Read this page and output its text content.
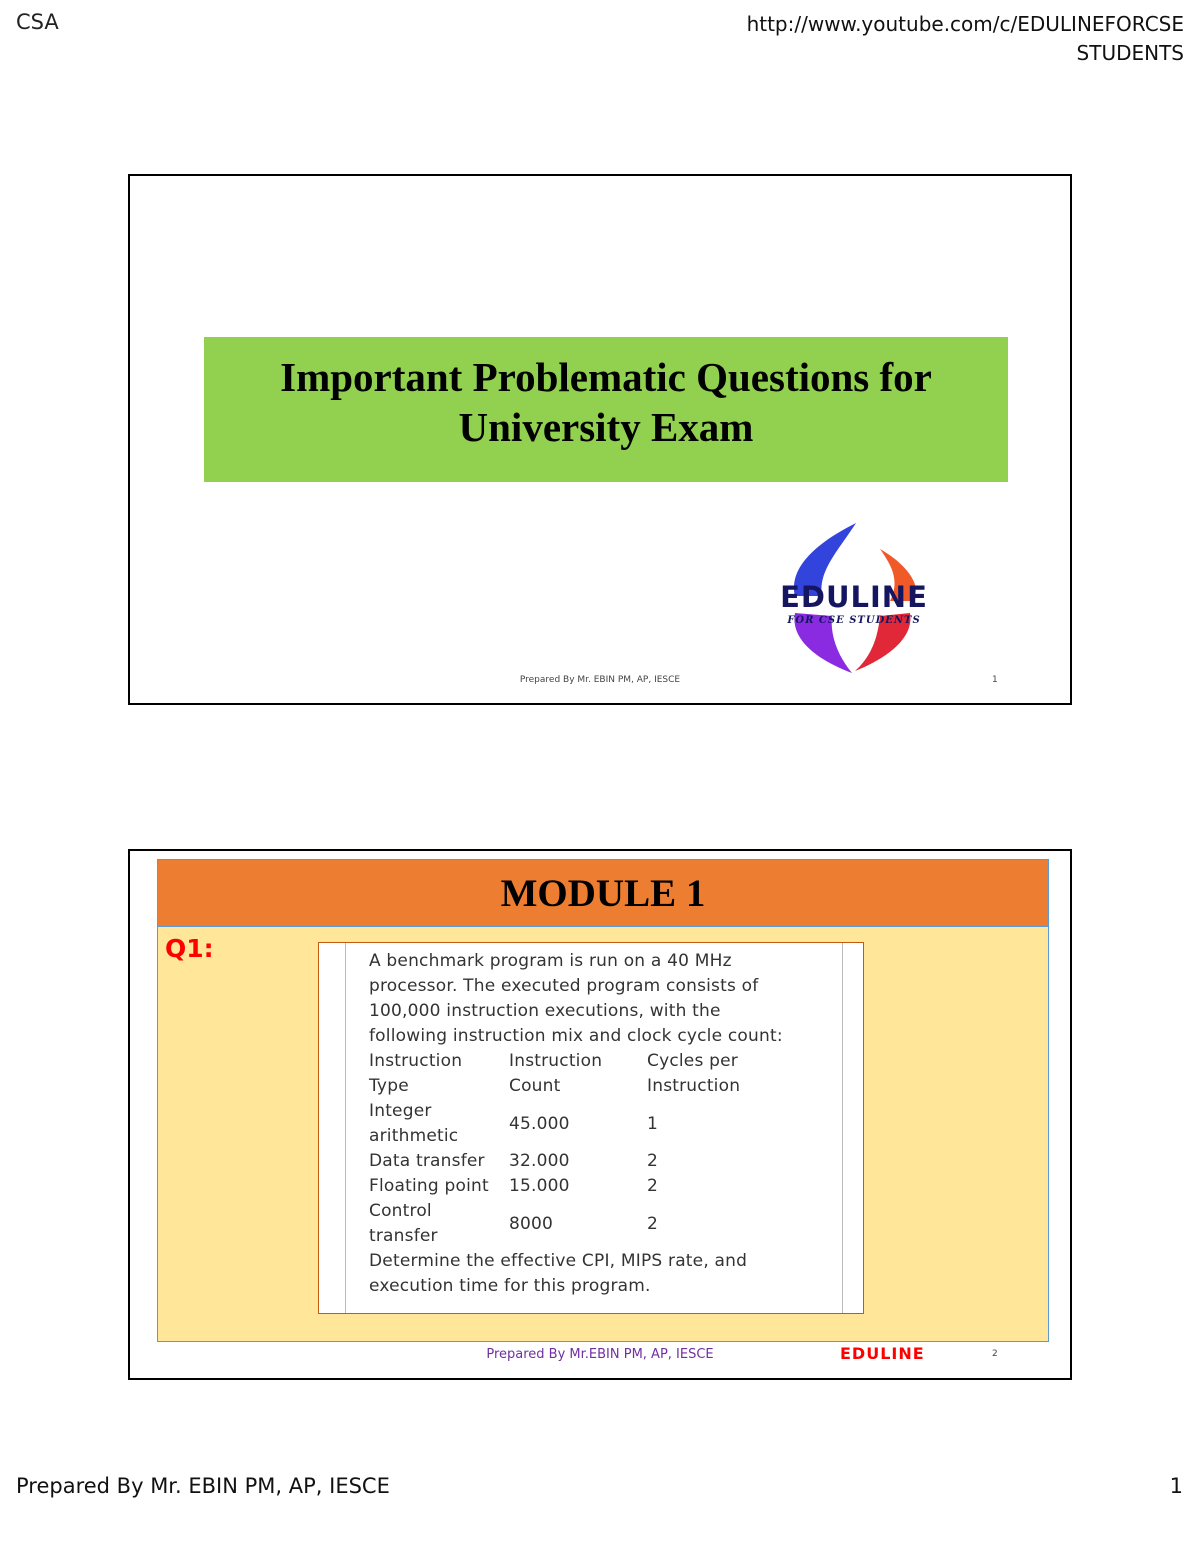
CSA	http://www.youtube.com/c/EDULINEFORCSE
STUDENTS
Important Problematic Questions for
University Exam
EDULINE
FOR CSE STUDENTS
Prepared By Mr. EBIN PM, AP, IESCE	1
MODULE 1
Q1:	A benchmark program is run on a 40 MHz
processor. The executed program consists of
100,000 instruction executions, with the
following instruction mix and clock cycle count:
Instruction	Instruction	Cycles per
Type	Count	Instruction

Integer
arithmetic	45.000	1
Data transfer	32.000	2
Floating point	15.000	2

Control
transfer	8000	2
Determine the effective CPI, MIPS rate, and
execution time for this program.
Prepared By Mr.EBIN PM, AP, IESCE	EDULINE	2
Prepared By Mr. EBIN PM, AP, IESCE	1
